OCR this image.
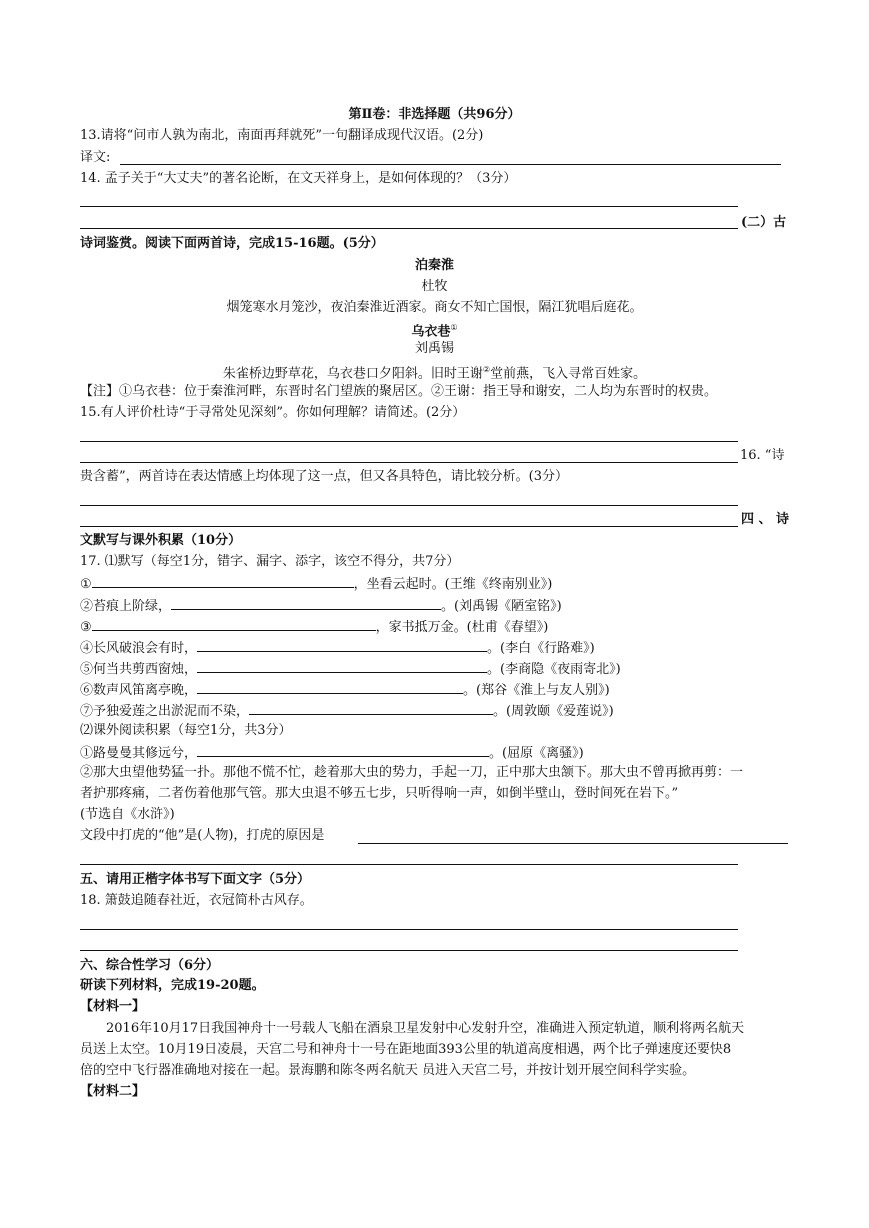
第Ⅱ卷：非选择题（共96分）
13.请将“问市人孰为南北，南面再拜就死”一句翻译成现代汉语。(2分)
译文:
14. 孟子关于“大丈夫”的著名论断，在文天祥身上，是如何体现的？（3分）
(二）古
诗词鉴赏。阅读下面两首诗，完成15-16题。(5分）
泊秦淮
杜牧
烟笼寒水月笼沙，夜泊秦淮近酒家。商女不知亡国恨，隔江犹唱后庭花。
乌衣巷①
刘禹锡
朱雀桥边野草花，乌衣巷口夕阳斜。旧时王谢②堂前燕，飞入寻常百姓家。
【注】①乌衣巷：位于秦淮河畔，东晋时名门望族的聚居区。②王谢：指王导和谢安，二人均为东晋时的权贵。
15.有人评价杜诗“于寻常处见深刻”。你如何理解？请简述。(2分）
16. “诗
贵含蓄”，两首诗在表达情感上均体现了这一点，但又各具特色，请比较分析。(3分）
四 、 诗
文默写与课外积累（10分）
17. ⑴默写（每空1分，错字、漏字、添字，该空不得分，共7分）
①	，坐看云起时。(王维《终南别业》)
②苔痕上阶绿，	。(刘禹锡《陋室铭》)
③	，家书抵万金。(杜甫《春望》)
④长风破浪会有时，	。(李白《行路难》)
⑤何当共剪西窗烛，	。(李商隐《夜雨寄北》)
⑥数声风笛离亭晚，	。(郑谷《淮上与友人别》)
⑦予独爱莲之出淤泥而不染，	。(周敦颐《爱莲说》)
⑵课外阅读积累（每空1分，共3分）
①路曼曼其修远兮，	。(屈原《离骚》)
②那大虫望他势猛一扑。那他不慌不忙，趁着那大虫的势力，手起一刀，正中那大虫颔下。那大虫不曾再掀再剪：一
者护那疼痛，二者伤着他那气管。那大虫退不够五七步，只听得响一声，如倒半壁山，登时间死在岩下。”
(节选自《水浒》)
文段中打虎的“他”是(人物)，打虎的原因是
五、请用正楷字体书写下面文字（5分）
18. 箫鼓追随春社近，衣冠简朴古风存。
六、综合性学习（6分）
研读下列材料，完成19-20题。
【材料一】
2016年10月17日我国神舟十一号载人飞船在酒泉卫星发射中心发射升空，准确进入预定轨道，顺利将两名航天
员送上太空。10月19日凌晨，天宫二号和神舟十一号在距地面393公里的轨道高度相遇，两个比子弹速度还要快8
倍的空中飞行器准确地对接在一起。景海鹏和陈冬两名航天 员进入天宫二号，并按计划开展空间科学实验。
【材料二】
